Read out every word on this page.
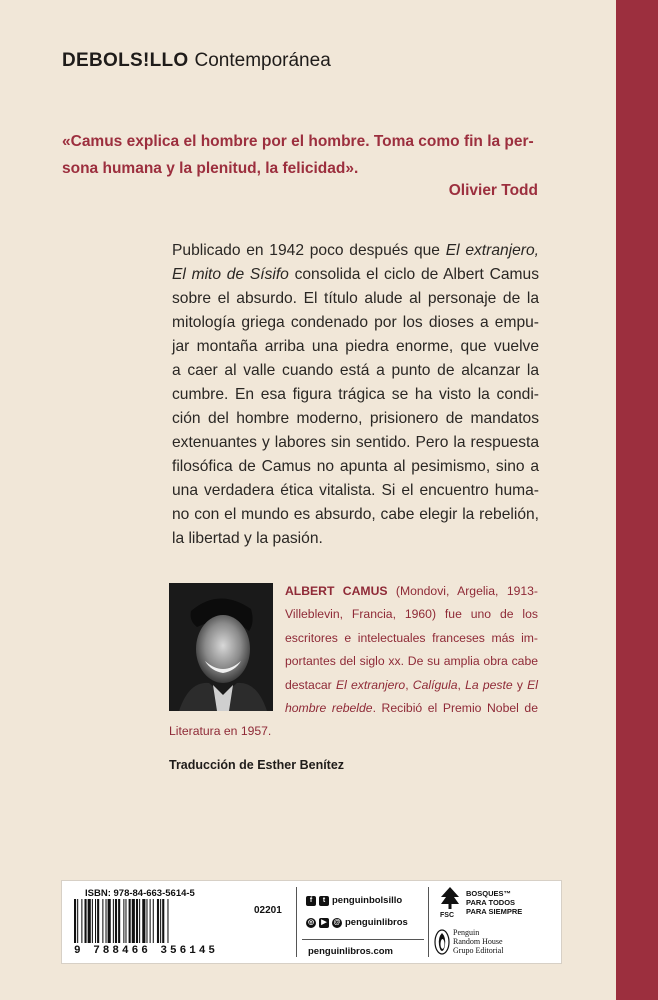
DEBOLS!LLO Contemporánea

«Camus explica el hombre por el hombre. Toma como fin la per-

sona humana y la plenitud, la felicidad».

Olivier Todd
Publicado en 1942 poco después que El extranjero,
El mito de Sísifo consolida el ciclo de Albert Camus
sobre el absurdo. El título alude al personaje de la
mitología griega condenado por los dioses a empu-
jar montaña arriba una piedra enorme, que vuelve
a caer al valle cuando está a punto de alcanzar la
cumbre. En esa figura trágica se ha visto la condi-
ción del hombre moderno, prisionero de mandatos
extenuantes y labores sin sentido. Pero la respuesta
filosófica de Camus no apunta al pesimismo, sino a
una verdadera ética vitalista. Si el encuentro huma-
no con el mundo es absurdo, cabe elegir la rebelión,
la libertad y la pasión.
ALBERT CAMUS (Mondovi, Argelia, 1913-
Villeblevin, Francia, 1960) fue uno de los
escritores e intelectuales franceses más im-
portantes del siglo xx. De su amplia obra cabe
destacar El extranjero, Calígula, La peste y El
hombre rebelde. Recibió el Premio Nobel de
Literatura en 1957.
Traducción de Esther Benítez
ISBN: 978-84-663-5614-5
02201
9 788466 356145
f	t penguinbolsillo
◎	▶ @ penguinlibros
penguinlibros.com
BOSQUES™
PARA TODOS
PARA SIEMPRE
FSC
Penguin
Random House
Grupo Editorial
